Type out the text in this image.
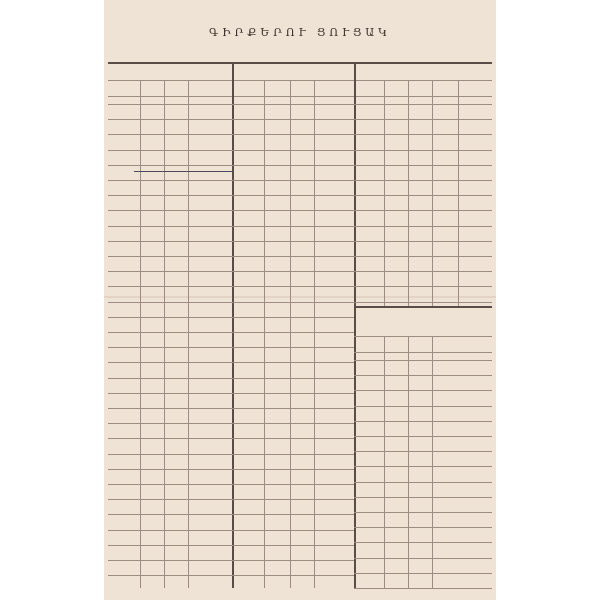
ԳԻՐՔԵՐՈՒ ՑՈՒՑԱԿ
